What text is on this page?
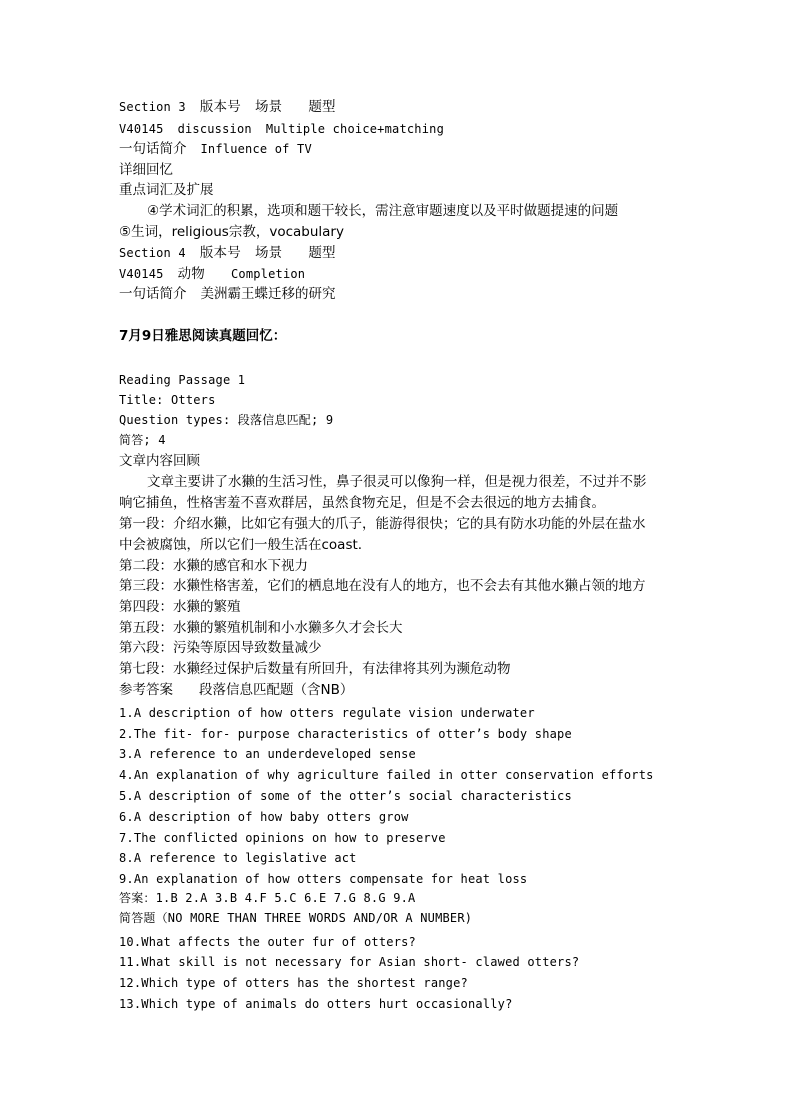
Section 3 版本号 场景 题型
V40145 discussion Multiple choice+matching
一句话简介 Influence of TV
详细回忆
重点词汇及扩展
④学术词汇的积累，选项和题干较长，需注意审题速度以及平时做题提速的问题
⑤生词，religious宗教，vocabulary
Section 4 版本号 场景 题型
V40145 动物 Completion
一句话简介 美洲霸王蝶迁移的研究
7月9日雅思阅读真题回忆：
Reading Passage 1
Title: Otters
Question types: 段落信息匹配; 9
简答; 4
文章内容回顾
文章主要讲了水獭的生活习性，鼻子很灵可以像狗一样，但是视力很差，不过并不影
响它捕鱼，性格害羞不喜欢群居，虽然食物充足，但是不会去很远的地方去捕食。
第一段：介绍水獭，比如它有强大的爪子，能游得很快；它的具有防水功能的外层在盐水
中会被腐蚀，所以它们一般生活在coast.
第二段：水獭的感官和水下视力
第三段：水獭性格害羞，它们的栖息地在没有人的地方，也不会去有其他水獭占领的地方
第四段：水獭的繁殖
第五段：水獭的繁殖机制和小水獭多久才会长大
第六段：污染等原因导致数量减少
第七段：水獭经过保护后数量有所回升，有法律将其列为濒危动物
参考答案 段落信息匹配题（含NB）
1.A description of how otters regulate vision underwater
2.The fit- for- purpose characteristics of otter’s body shape
3.A reference to an underdeveloped sense
4.An explanation of why agriculture failed in otter conservation efforts
5.A description of some of the otter’s social characteristics
6.A description of how baby otters grow
7.The conflicted opinions on how to preserve
8.A reference to legislative act
9.An explanation of how otters compensate for heat loss
答案：1.B 2.A 3.B 4.F 5.C 6.E 7.G 8.G 9.A
简答题（NO MORE THAN THREE WORDS AND/OR A NUMBER)
10.What affects the outer fur of otters?
11.What skill is not necessary for Asian short- clawed otters?
12.Which type of otters has the shortest range?
13.Which type of animals do otters hurt occasionally?
